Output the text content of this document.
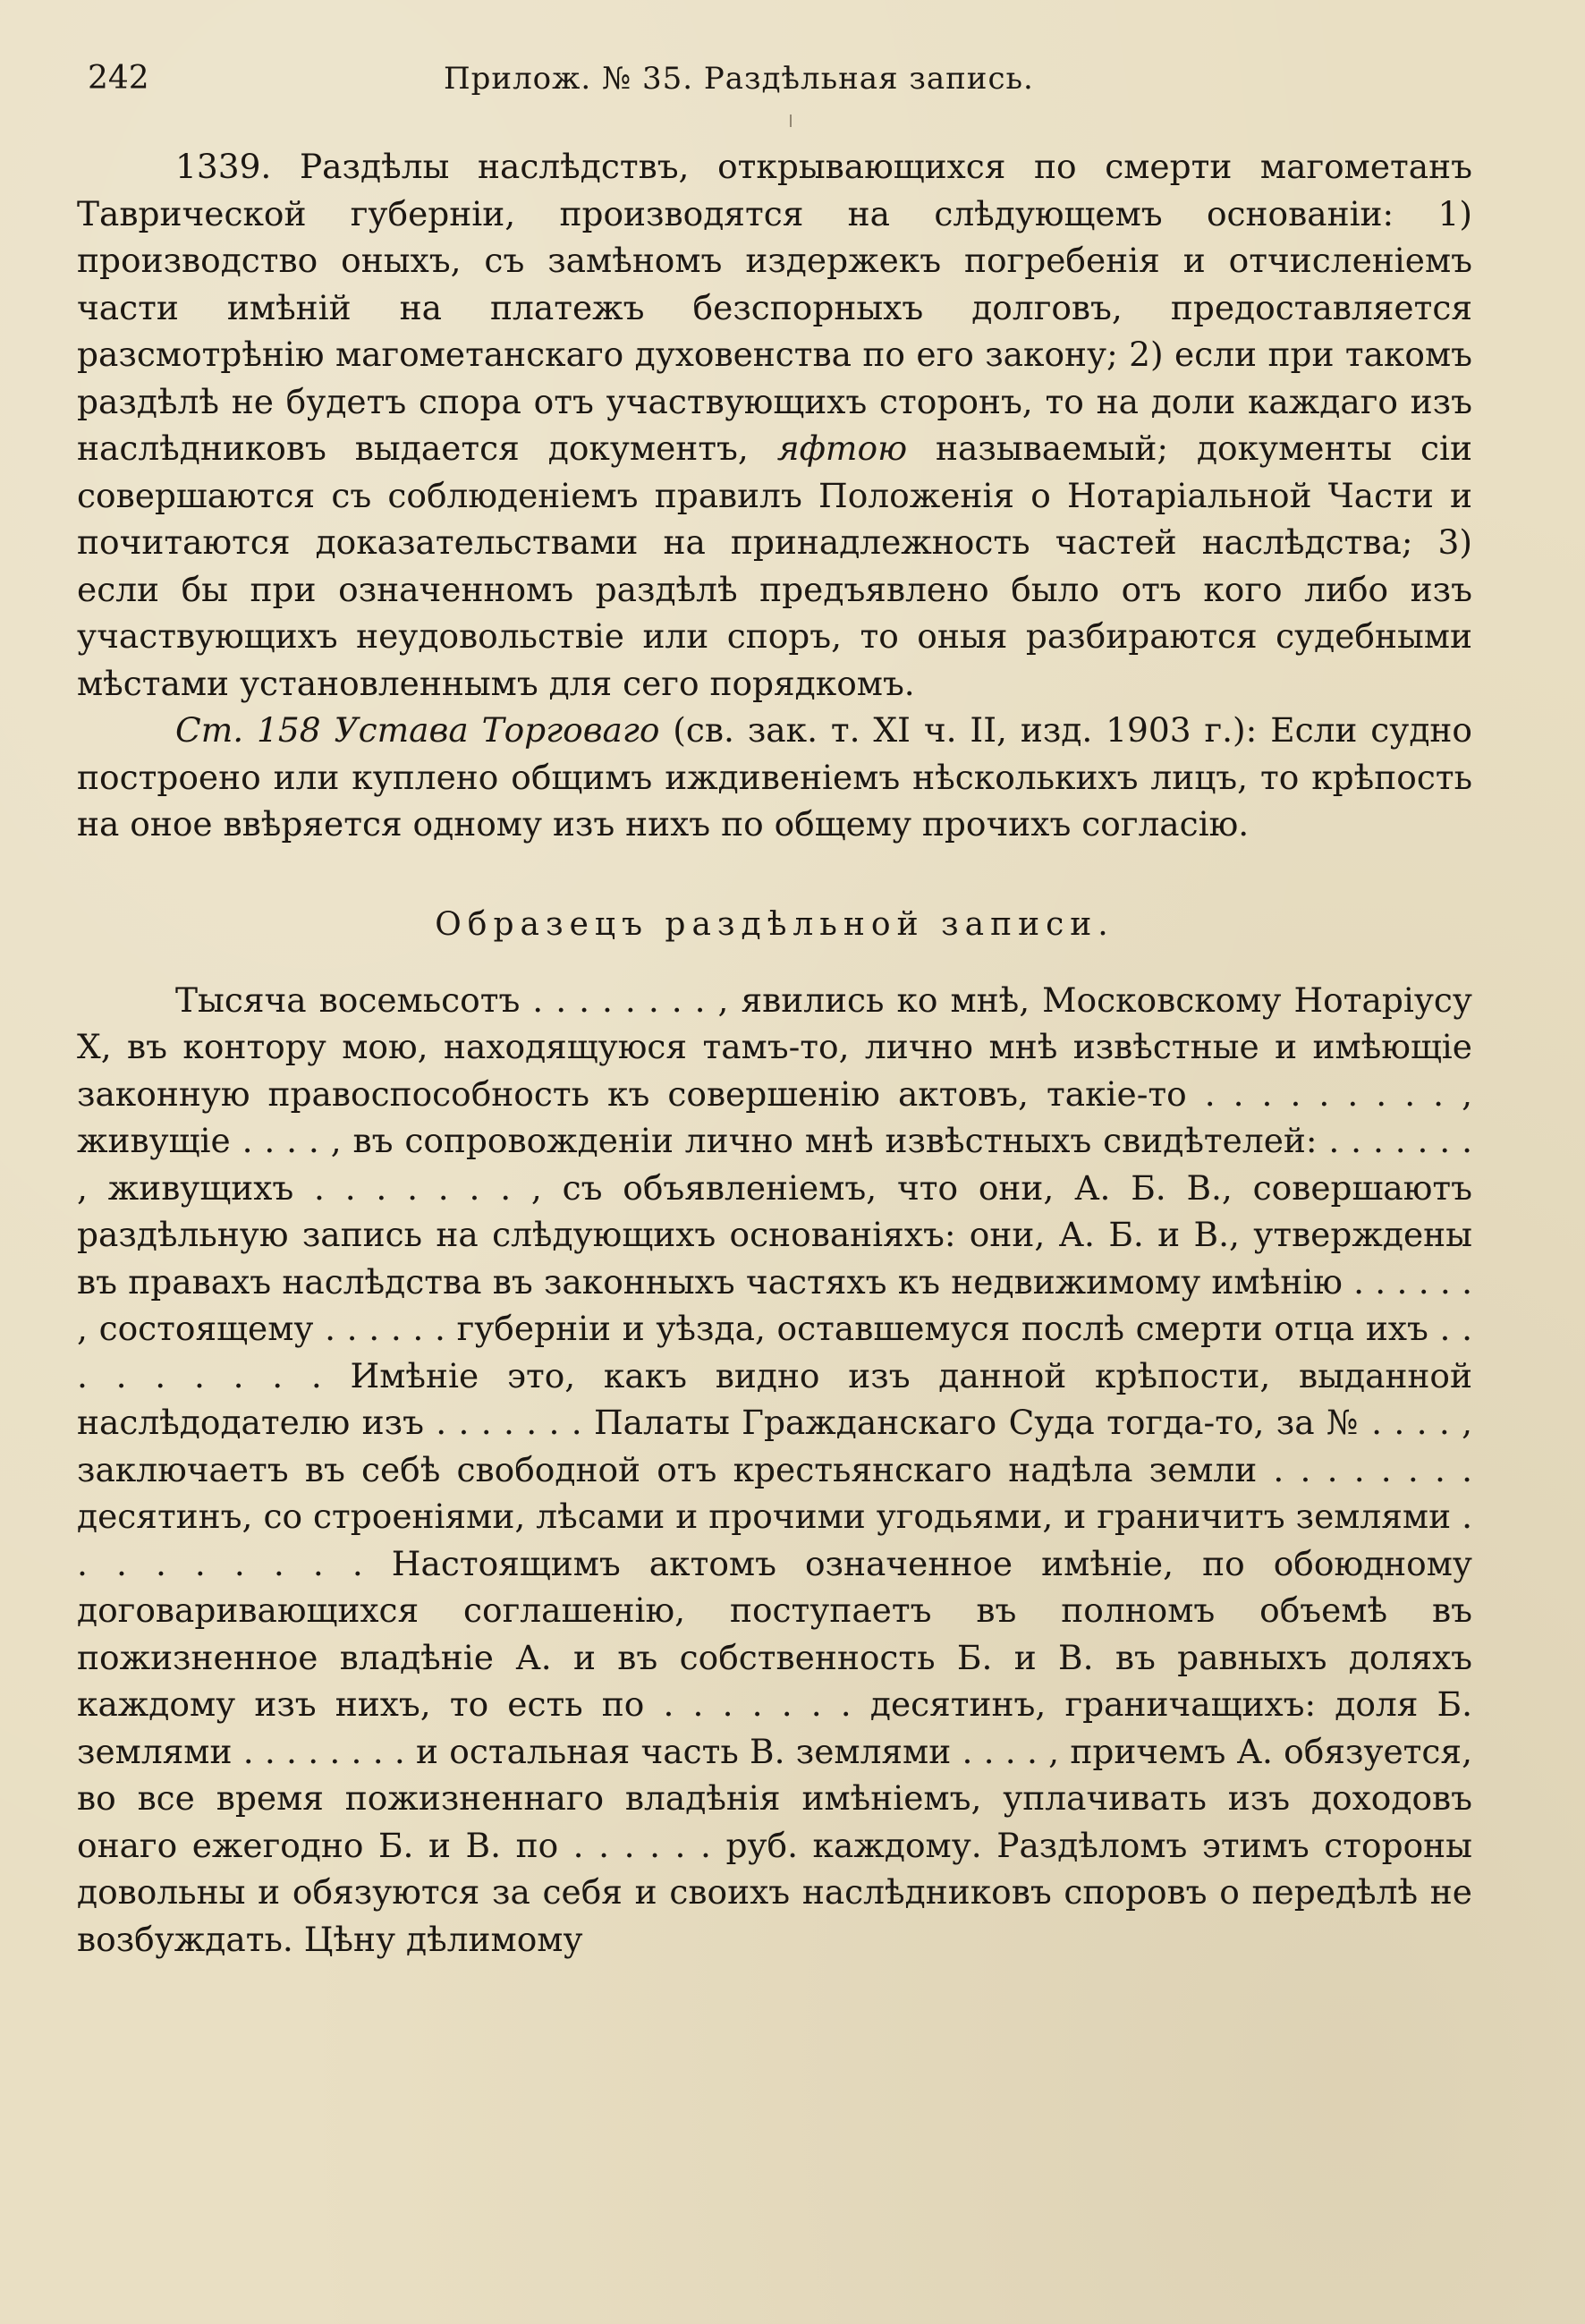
242	Прилож. № 35. Раздѣльная запись.

1339. Раздѣлы наслѣдствъ, открывающихся по смерти магометанъ Таврической губерніи, производятся на слѣдующемъ основаніи: 1) производство оныхъ, съ замѣномъ издержекъ погребенія и отчисленіемъ части имѣній на платежъ безспорныхъ долговъ, предоставляется разсмотрѣнію магометанскаго духовенства по его закону; 2) если при такомъ раздѣлѣ не будетъ спора отъ участвующихъ сторонъ, то на доли каждаго изъ наслѣдниковъ выдается документъ, яфтою называемый; документы сіи совершаются съ соблюденіемъ правилъ Положенія о Нотаріальной Части и почитаются доказательствами на принадлежность частей наслѣдства; 3) если бы при означенномъ раздѣлѣ предъявлено было отъ кого либо изъ участвующихъ неудовольствіе или споръ, то оныя разбираются судебными мѣстами установленнымъ для сего порядкомъ.

Ст. 158 Устава Торговаго (св. зак. т. XI ч. II, изд. 1903 г.): Если судно построено или куплено общимъ иждивеніемъ нѣсколькихъ лицъ, то крѣпость на оное ввѣряется одному изъ нихъ по общему прочихъ согласію.

Образецъ раздѣльной записи.

Тысяча восемьсотъ . . . . . . . . , явились ко мнѣ, Московскому Нотаріусу X, въ контору мою, находящуюся тамъ-то, лично мнѣ извѣстные и имѣющіе законную правоспособность къ совершенію актовъ, такіе-то . . . . . . . . . , живущіе . . . . , въ сопровожденіи лично мнѣ извѣстныхъ свидѣтелей: . . . . . . . , живущихъ . . . . . . . , съ объявленіемъ, что они, А. Б. В., совершаютъ раздѣльную запись на слѣдующихъ основаніяхъ: они, А. Б. и В., утверждены въ правахъ наслѣдства въ законныхъ частяхъ къ недвижимому имѣнію . . . . . . , состоящему . . . . . . губерніи и уѣзда, оставшемуся послѣ смерти отца ихъ . . . . . . . . . Имѣніе это, какъ видно изъ данной крѣпости, выданной наслѣдодателю изъ . . . . . . . Палаты Гражданскаго Суда тогда-то, за № . . . . , заключаетъ въ себѣ свободной отъ крестьянскаго надѣла земли . . . . . . . . десятинъ, со строеніями, лѣсами и прочими угодьями, и граничитъ землями . . . . . . . . . Настоящимъ актомъ означенное имѣніе, по обоюдному договаривающихся соглашенію, поступаетъ въ полномъ объемѣ въ пожизненное владѣніе А. и въ собственность Б. и В. въ равныхъ доляхъ каждому изъ нихъ, то есть по . . . . . . . десятинъ, граничащихъ: доля Б. землями . . . . . . . . и остальная часть В. землями . . . . , причемъ А. обязуется, во все время пожизненнаго владѣнія имѣніемъ, уплачивать изъ доходовъ онаго ежегодно Б. и В. по . . . . . . руб. каждому. Раздѣломъ этимъ стороны довольны и обязуются за себя и своихъ наслѣдниковъ споровъ о передѣлѣ не возбуждать. Цѣну дѣлимому
